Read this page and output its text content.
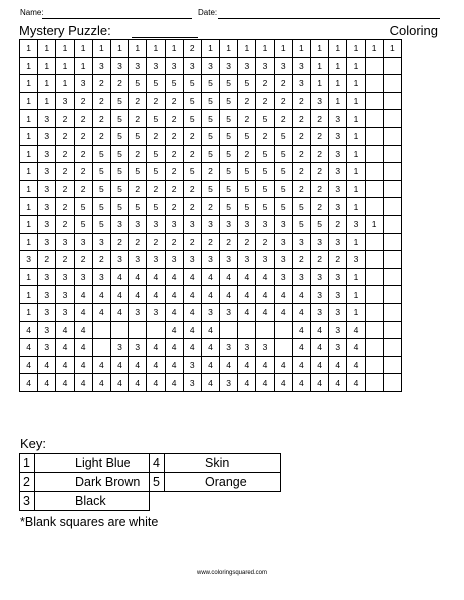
Name:	Date:
Mystery Puzzle:	Coloring
1	1	1	1	1	1	1	1	1	2	1	1	1	1	1	1	1	1	1	1	1
1	1	1	1	3	3	3	3	3	3	3	3	3	3	3	3	1	1	1		
1	1	1	3	2	2	5	5	5	5	5	5	5	2	2	3	1	1	1		
1	1	3	2	2	5	2	2	2	5	5	5	2	2	2	2	3	1	1		
1	3	2	2	2	5	2	5	2	5	5	5	2	5	2	2	2	3	1		
1	3	2	2	2	5	5	2	2	2	5	5	5	2	5	2	2	3	1		
1	3	2	2	5	5	2	5	2	2	5	5	2	5	5	2	2	3	1		
1	3	2	2	5	5	5	5	2	5	2	5	5	5	5	2	2	3	1		
1	3	2	2	5	5	2	2	2	2	5	5	5	5	5	2	2	3	1		
1	3	2	5	5	5	5	5	2	2	2	5	5	5	5	5	2	3	1		
1	3	2	5	5	3	3	3	3	3	3	3	3	3	3	5	5	2	3	1	
1	3	3	3	3	2	2	2	2	2	2	2	2	2	3	3	3	3	1		
3	2	2	2	2	3	3	3	3	3	3	3	3	3	3	2	2	2	3		
1	3	3	3	3	4	4	4	4	4	4	4	4	4	3	3	3	3	1		
1	3	3	4	4	4	4	4	4	4	4	4	4	4	4	4	3	3	1		
1	3	3	4	4	4	3	3	4	4	3	3	4	4	4	4	3	3	1		
4	3	4	4					4	4	4					4	4	3	4		
4	3	4	4		3	3	4	4	4	4	3	3	3		4	4	3	4		
4	4	4	4	4	4	4	4	4	3	4	4	4	4	4	4	4	4	4		
4	4	4	4	4	4	4	4	4	3	4	3	4	4	4	4	4	4	4		
Key:
1	Light Blue	4	Skin
2	Dark Brown	5	Orange
3	Black		
*Blank squares are white
www.coloringsquared.com
